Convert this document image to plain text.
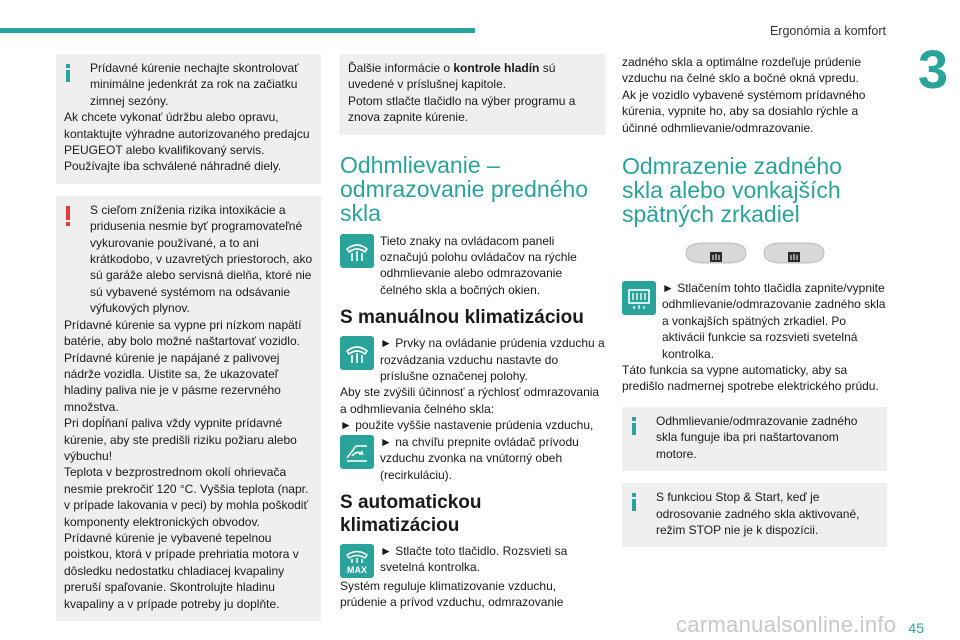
Ergonómia a komfort
3

Prídavné kúrenie nechajte skontrolovať minimálne jedenkrát za rok na začiatku zimnej sezóny.

Ak chcete vykonať údržbu alebo opravu, kontaktujte výhradne autorizovaného predajcu PEUGEOT alebo kvalifikovaný servis.

Používajte iba schválené náhradné diely.

S cieľom zníženia rizika intoxikácie a pridusenia nesmie byť programovateľné vykurovanie používané, a to ani krátkodobo, v uzavretých priestoroch, ako sú garáže alebo servisná dielňa, ktoré nie sú vybavené systémom na odsávanie výfukových plynov.

Prídavné kúrenie sa vypne pri nízkom napätí batérie, aby bolo možné naštartovať vozidlo.

Prídavné kúrenie je napájané z palivovej nádrže vozidla. Uistite sa, že ukazovateľ hladiny paliva nie je v pásme rezervného množstva.

Pri dopĺňaní paliva vždy vypnite prídavné kúrenie, aby ste predišli riziku požiaru alebo výbuchu!

Teplota v bezprostrednom okolí ohrievača nesmie prekročiť 120 °C. Vyššia teplota (napr. v prípade lakovania v peci) by mohla poškodiť komponenty elektronických obvodov.

Prídavné kúrenie je vybavené tepelnou poistkou, ktorá v prípade prehriatia motora v dôsledku nedostatku chladiacej kvapaliny preruší spaľovanie. Skontrolujte hladinu kvapaliny a v prípade potreby ju doplňte.

Ďalšie informácie o kontrole hladín sú uvedené v príslušnej kapitole.

Potom stlačte tlačidlo na výber programu a znova zapnite kúrenie.

Odhmlievanie – odmrazovanie predného skla
Tieto znaky na ovládacom paneli označujú polohu ovládačov na rýchle odhmlievanie alebo odmrazovanie čelného skla a bočných okien.
S manuálnou klimatizáciou
► Prvky na ovládanie prúdenia vzduchu a rozvádzania vzduchu nastavte do príslušne označenej polohy.

Aby ste zvýšili účinnosť a rýchlosť odmrazovania a odhmlievania čelného skla:

► použite vyššie nastavenie prúdenia vzduchu,

► na chvíľu prepnite ovládač prívodu vzduchu zvonka na vnútorný obeh (recirkuláciu).
S automatickou klimatizáciou
MAX
► Stlačte toto tlačidlo. Rozsvieti sa svetelná kontrolka.

Systém reguluje klimatizovanie vzduchu, prúdenie a prívod vzduchu, odmrazovanie

zadného skla a optimálne rozdeľuje prúdenie vzduchu na čelné sklo a bočné okná vpredu.

Ak je vozidlo vybavené systémom prídavného kúrenia, vypnite ho, aby sa dosiahlo rýchle a účinné odhmlievanie/odmrazovanie.

Odmrazenie zadného skla alebo vonkajších spätných zrkadiel
► Stlačením tohto tlačidla zapnite/vypnite odhmlievanie/odmrazovanie zadného skla a vonkajších spätných zrkadiel. Po aktivácii funkcie sa rozsvieti svetelná kontrolka.

Táto funkcia sa vypne automaticky, aby sa predišlo nadmernej spotrebe elektrického prúdu.

Odhmlievanie/odmrazovanie zadného skla funguje iba pri naštartovanom motore.

S funkciou Stop & Start, keď je odrosovanie zadného skla aktivované, režim STOP nie je k dispozícii.

45
carmanualsonline.info
